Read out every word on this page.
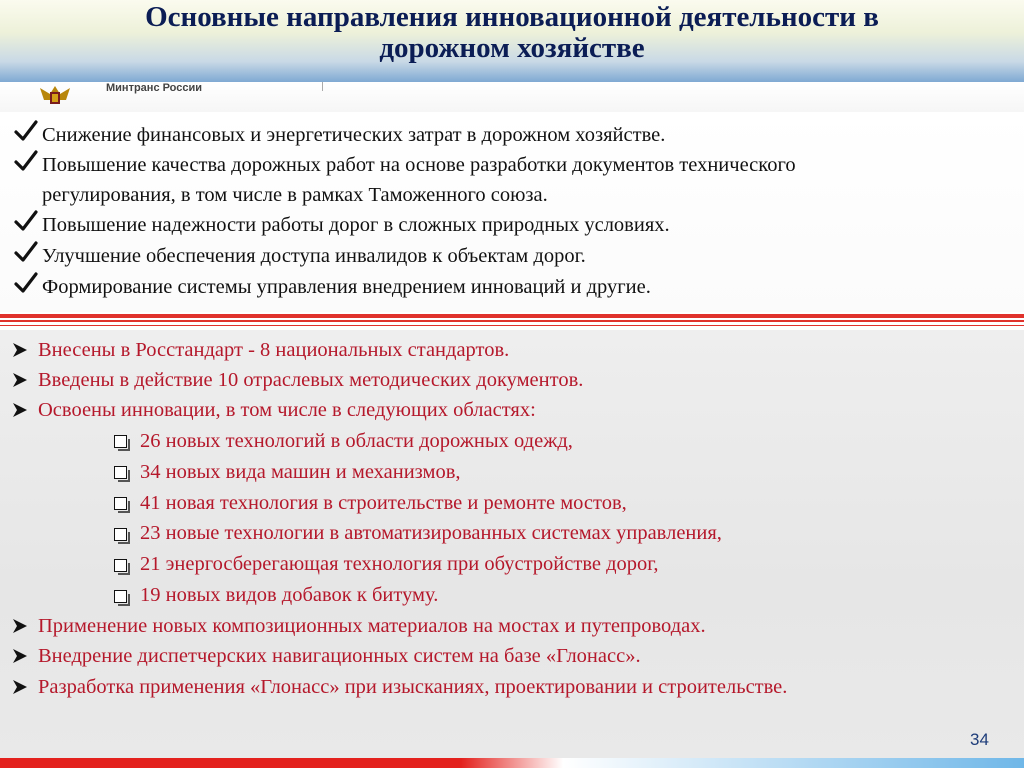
Основные направления инновационной деятельности в
дорожном хозяйстве
Минтранс России
Снижение финансовых и энергетических затрат в дорожном хозяйстве.
Повышение качества дорожных работ на основе разработки документов технического
регулирования, в том числе в рамках Таможенного союза.
Повышение надежности работы дорог в сложных природных условиях.
Улучшение обеспечения доступа инвалидов к объектам дорог.
Формирование системы управления внедрением инноваций и другие.
Внесены в Росстандарт - 8 национальных стандартов.
Введены в действие 10 отраслевых методических документов.
Освоены инновации, в том числе в следующих областях:
26 новых технологий в области дорожных одежд,
34 новых вида машин и механизмов,
41 новая технология в строительстве и ремонте мостов,
23 новые технологии в автоматизированных системах управления,
21 энергосберегающая технология при обустройстве дорог,
19 новых видов добавок к битуму.
Применение новых композиционных материалов на мостах и путепроводах.
Внедрение диспетчерских навигационных систем на базе «Глонасс».
Разработка применения «Глонасс» при изысканиях, проектировании и строительстве.
34
